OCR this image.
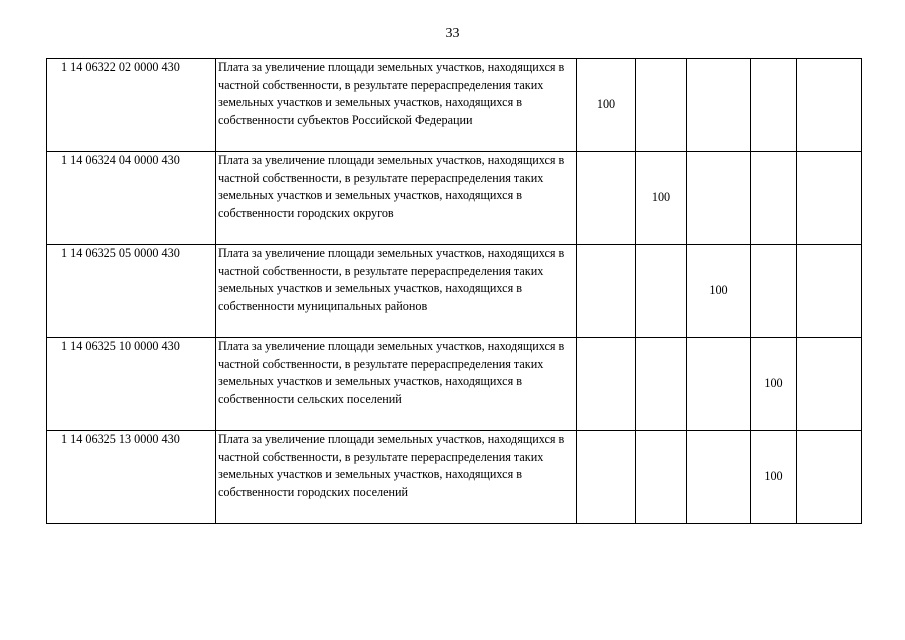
33
1 14 06322 02 0000 430	Плата за увеличение площади земельных участков, находящихся в частной собственности, в результате перераспределения таких земельных участков и земельных участков, находящихся в собственности субъектов Российской Федерации	100				
1 14 06324 04 0000 430	Плата за увеличение площади земельных участков, находящихся в частной собственности, в результате перераспределения таких земельных участков и земельных участков, находящихся в собственности городских округов		100			
1 14 06325 05 0000 430	Плата за увеличение площади земельных участков, находящихся в частной собственности, в результате перераспределения таких земельных участков и земельных участков, находящихся в собственности муниципальных районов			100		
1 14 06325 10 0000 430	Плата за увеличение площади земельных участков, находящихся в частной собственности, в результате перераспределения таких земельных участков и земельных участков, находящихся в собственности сельских поселений				100	
1 14 06325 13 0000 430	Плата за увеличение площади земельных участков, находящихся в частной собственности, в результате перераспределения таких земельных участков и земельных участков, находящихся в собственности городских поселений				100	
